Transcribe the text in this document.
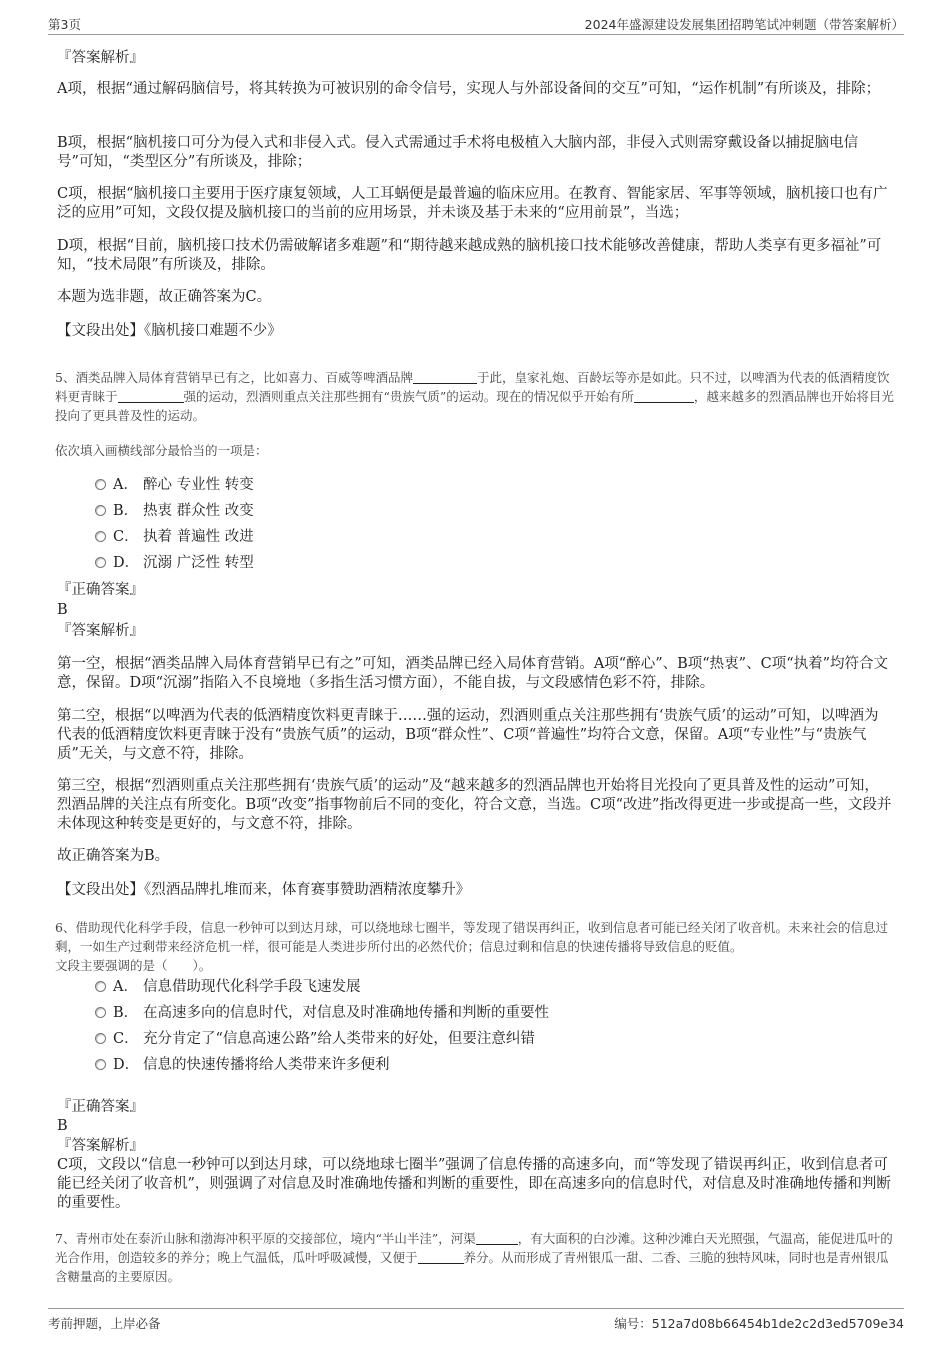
第3页	2024年盛源建设发展集团招聘笔试冲刺题（带答案解析）
『答案解析』
A项，根据“通过解码脑信号，将其转换为可被识别的命令信号，实现人与外部设备间的交互”可知，“运作机制”有所谈及，排除；
B项，根据“脑机接口可分为侵入式和非侵入式。侵入式需通过手术将电极植入大脑内部，非侵入式则需穿戴设备以捕捉脑电信号”可知，“类型区分”有所谈及，排除；
C项，根据“脑机接口主要用于医疗康复领域，人工耳蜗便是最普遍的临床应用。在教育、智能家居、军事等领域，脑机接口也有广泛的应用”可知，文段仅提及脑机接口的当前的应用场景，并未谈及基于未来的“应用前景”，当选；
D项，根据“目前，脑机接口技术仍需破解诸多难题”和“期待越来越成熟的脑机接口技术能够改善健康，帮助人类享有更多福祉”可知，“技术局限”有所谈及，排除。
本题为选非题，故正确答案为C。
【文段出处】《脑机接口难题不少》
5、酒类品牌入局体育营销早已有之，比如喜力、百威等啤酒品牌	于此，皇家礼炮、百龄坛等亦是如此。只不过，以啤酒为代表的低酒精度饮料更青睐于	强的运动，烈酒则重点关注那些拥有“贵族气质”的运动。现在的情况似乎开始有所	，越来越多的烈酒品牌也开始将目光投向了更具普及性的运动。
依次填入画横线部分最恰当的一项是：
A． 醉心 专业性 转变
B． 热衷 群众性 改变
C． 执着 普遍性 改进
D． 沉溺 广泛性 转型
『正确答案』
B
『答案解析』
第一空，根据“酒类品牌入局体育营销早已有之”可知，酒类品牌已经入局体育营销。A项“醉心”、B项“热衷”、C项“执着”均符合文意，保留。D项“沉溺”指陷入不良境地（多指生活习惯方面），不能自拔，与文段感情色彩不符，排除。
第二空，根据“以啤酒为代表的低酒精度饮料更青睐于……强的运动，烈酒则重点关注那些拥有‘贵族气质’的运动”可知，以啤酒为代表的低酒精度饮料更青睐于没有“贵族气质”的运动，B项“群众性”、C项“普遍性”均符合文意，保留。A项“专业性”与“贵族气质”无关，与文意不符，排除。
第三空，根据“烈酒则重点关注那些拥有‘贵族气质’的运动”及“越来越多的烈酒品牌也开始将目光投向了更具普及性的运动”可知，烈酒品牌的关注点有所变化。B项“改变”指事物前后不同的变化，符合文意，当选。C项“改进”指改得更进一步或提高一些，文段并未体现这种转变是更好的，与文意不符，排除。
故正确答案为B。
【文段出处】《烈酒品牌扎堆而来，体育赛事赞助酒精浓度攀升》
6、借助现代化科学手段，信息一秒钟可以到达月球，可以绕地球七圈半，等发现了错误再纠正，收到信息者可能已经关闭了收音机。未来社会的信息过剩，一如生产过剩带来经济危机一样，很可能是人类进步所付出的必然代价；信息过剩和信息的快速传播将导致信息的贬值。
文段主要强调的是（　　）。
A． 信息借助现代化科学手段飞速发展
B． 在高速多向的信息时代，对信息及时准确地传播和判断的重要性
C． 充分肯定了“信息高速公路”给人类带来的好处，但要注意纠错
D． 信息的快速传播将给人类带来许多便利
『正确答案』
B
『答案解析』
C项，文段以“信息一秒钟可以到达月球，可以绕地球七圈半”强调了信息传播的高速多向，而“等发现了错误再纠正，收到信息者可能已经关闭了收音机”，则强调了对信息及时准确地传播和判断的重要性，即在高速多向的信息时代，对信息及时准确地传播和判断的重要性。
7、青州市处在泰沂山脉和渤海冲积平原的交接部位，境内“半山半洼”，河渠	，有大面积的白沙滩。这种沙滩白天光照强，气温高，能促进瓜叶的光合作用，创造较多的养分；晚上气温低，瓜叶呼吸减慢，又便于	养分。从而形成了青州银瓜一甜、二香、三脆的独特风味，同时也是青州银瓜含糖量高的主要原因。
考前押题，上岸必备	编号：512a7d08b66454b1de2c2d3ed5709e34
